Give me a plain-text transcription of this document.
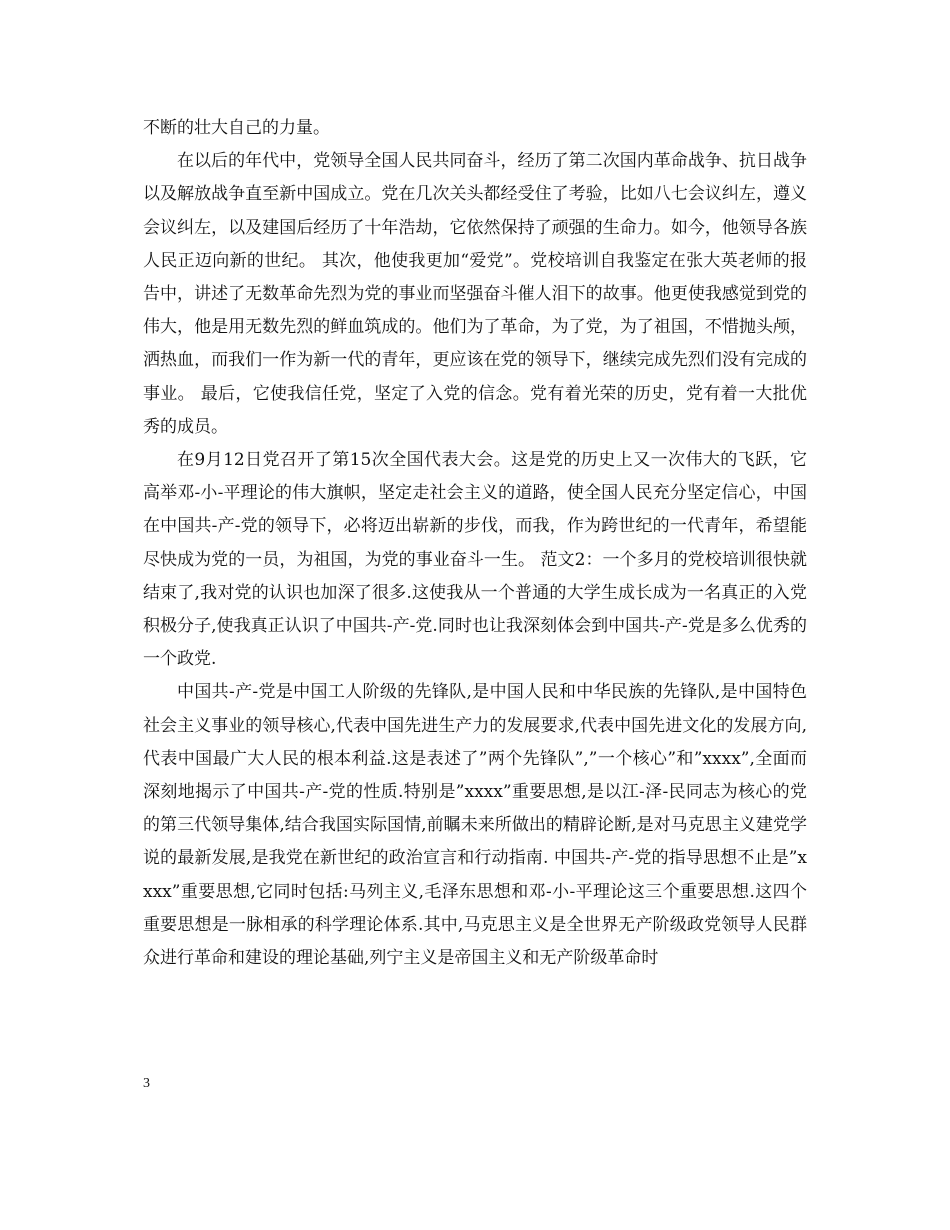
不断的壮大自己的力量。

在以后的年代中，党领导全国人民共同奋斗，经历了第二次国内革命战争、抗日战争以及解放战争直至新中国成立。党在几次关头都经受住了考验，比如八七会议纠左，遵义会议纠左，以及建国后经历了十年浩劫，它依然保持了顽强的生命力。如今，他领导各族人民正迈向新的世纪。 其次，他使我更加“爱党”。党校培训自我鉴定在张大英老师的报告中，讲述了无数革命先烈为党的事业而坚强奋斗催人泪下的故事。他更使我感觉到党的伟大，他是用无数先烈的鲜血筑成的。他们为了革命，为了党，为了祖国，不惜抛头颅，洒热血，而我们一作为新一代的青年，更应该在党的领导下，继续完成先烈们没有完成的事业。 最后，它使我信任党，坚定了入党的信念。党有着光荣的历史，党有着一大批优秀的成员。

在9月12日党召开了第15次全国代表大会。这是党的历史上又一次伟大的飞跃，它高举邓-小-平理论的伟大旗帜，坚定走社会主义的道路，使全国人民充分坚定信心，中国在中国共-产-党的领导下，必将迈出崭新的步伐，而我，作为跨世纪的一代青年，希望能尽快成为党的一员，为祖国，为党的事业奋斗一生。 范文2：一个多月的党校培训很快就结束了,我对党的认识也加深了很多.这使我从一个普通的大学生成长成为一名真正的入党积极分子,使我真正认识了中国共-产-党.同时也让我深刻体会到中国共-产-党是多么优秀的一个政党.

中国共-产-党是中国工人阶级的先锋队,是中国人民和中华民族的先锋队,是中国特色社会主义事业的领导核心,代表中国先进生产力的发展要求,代表中国先进文化的发展方向,代表中国最广大人民的根本利益.这是表述了”两个先锋队”,”一个核心”和”xxxx”,全面而深刻地揭示了中国共-产-党的性质.特别是”xxxx”重要思想,是以江-泽-民同志为核心的党的第三代领导集体,结合我国实际国情,前瞩未来所做出的精辟论断,是对马克思主义建党学说的最新发展,是我党在新世纪的政治宣言和行动指南. 中国共-产-党的指导思想不止是”xxxx”重要思想,它同时包括:马列主义,毛泽东思想和邓-小-平理论这三个重要思想.这四个重要思想是一脉相承的科学理论体系.其中,马克思主义是全世界无产阶级政党领导人民群众进行革命和建设的理论基础,列宁主义是帝国主义和无产阶级革命时

3
